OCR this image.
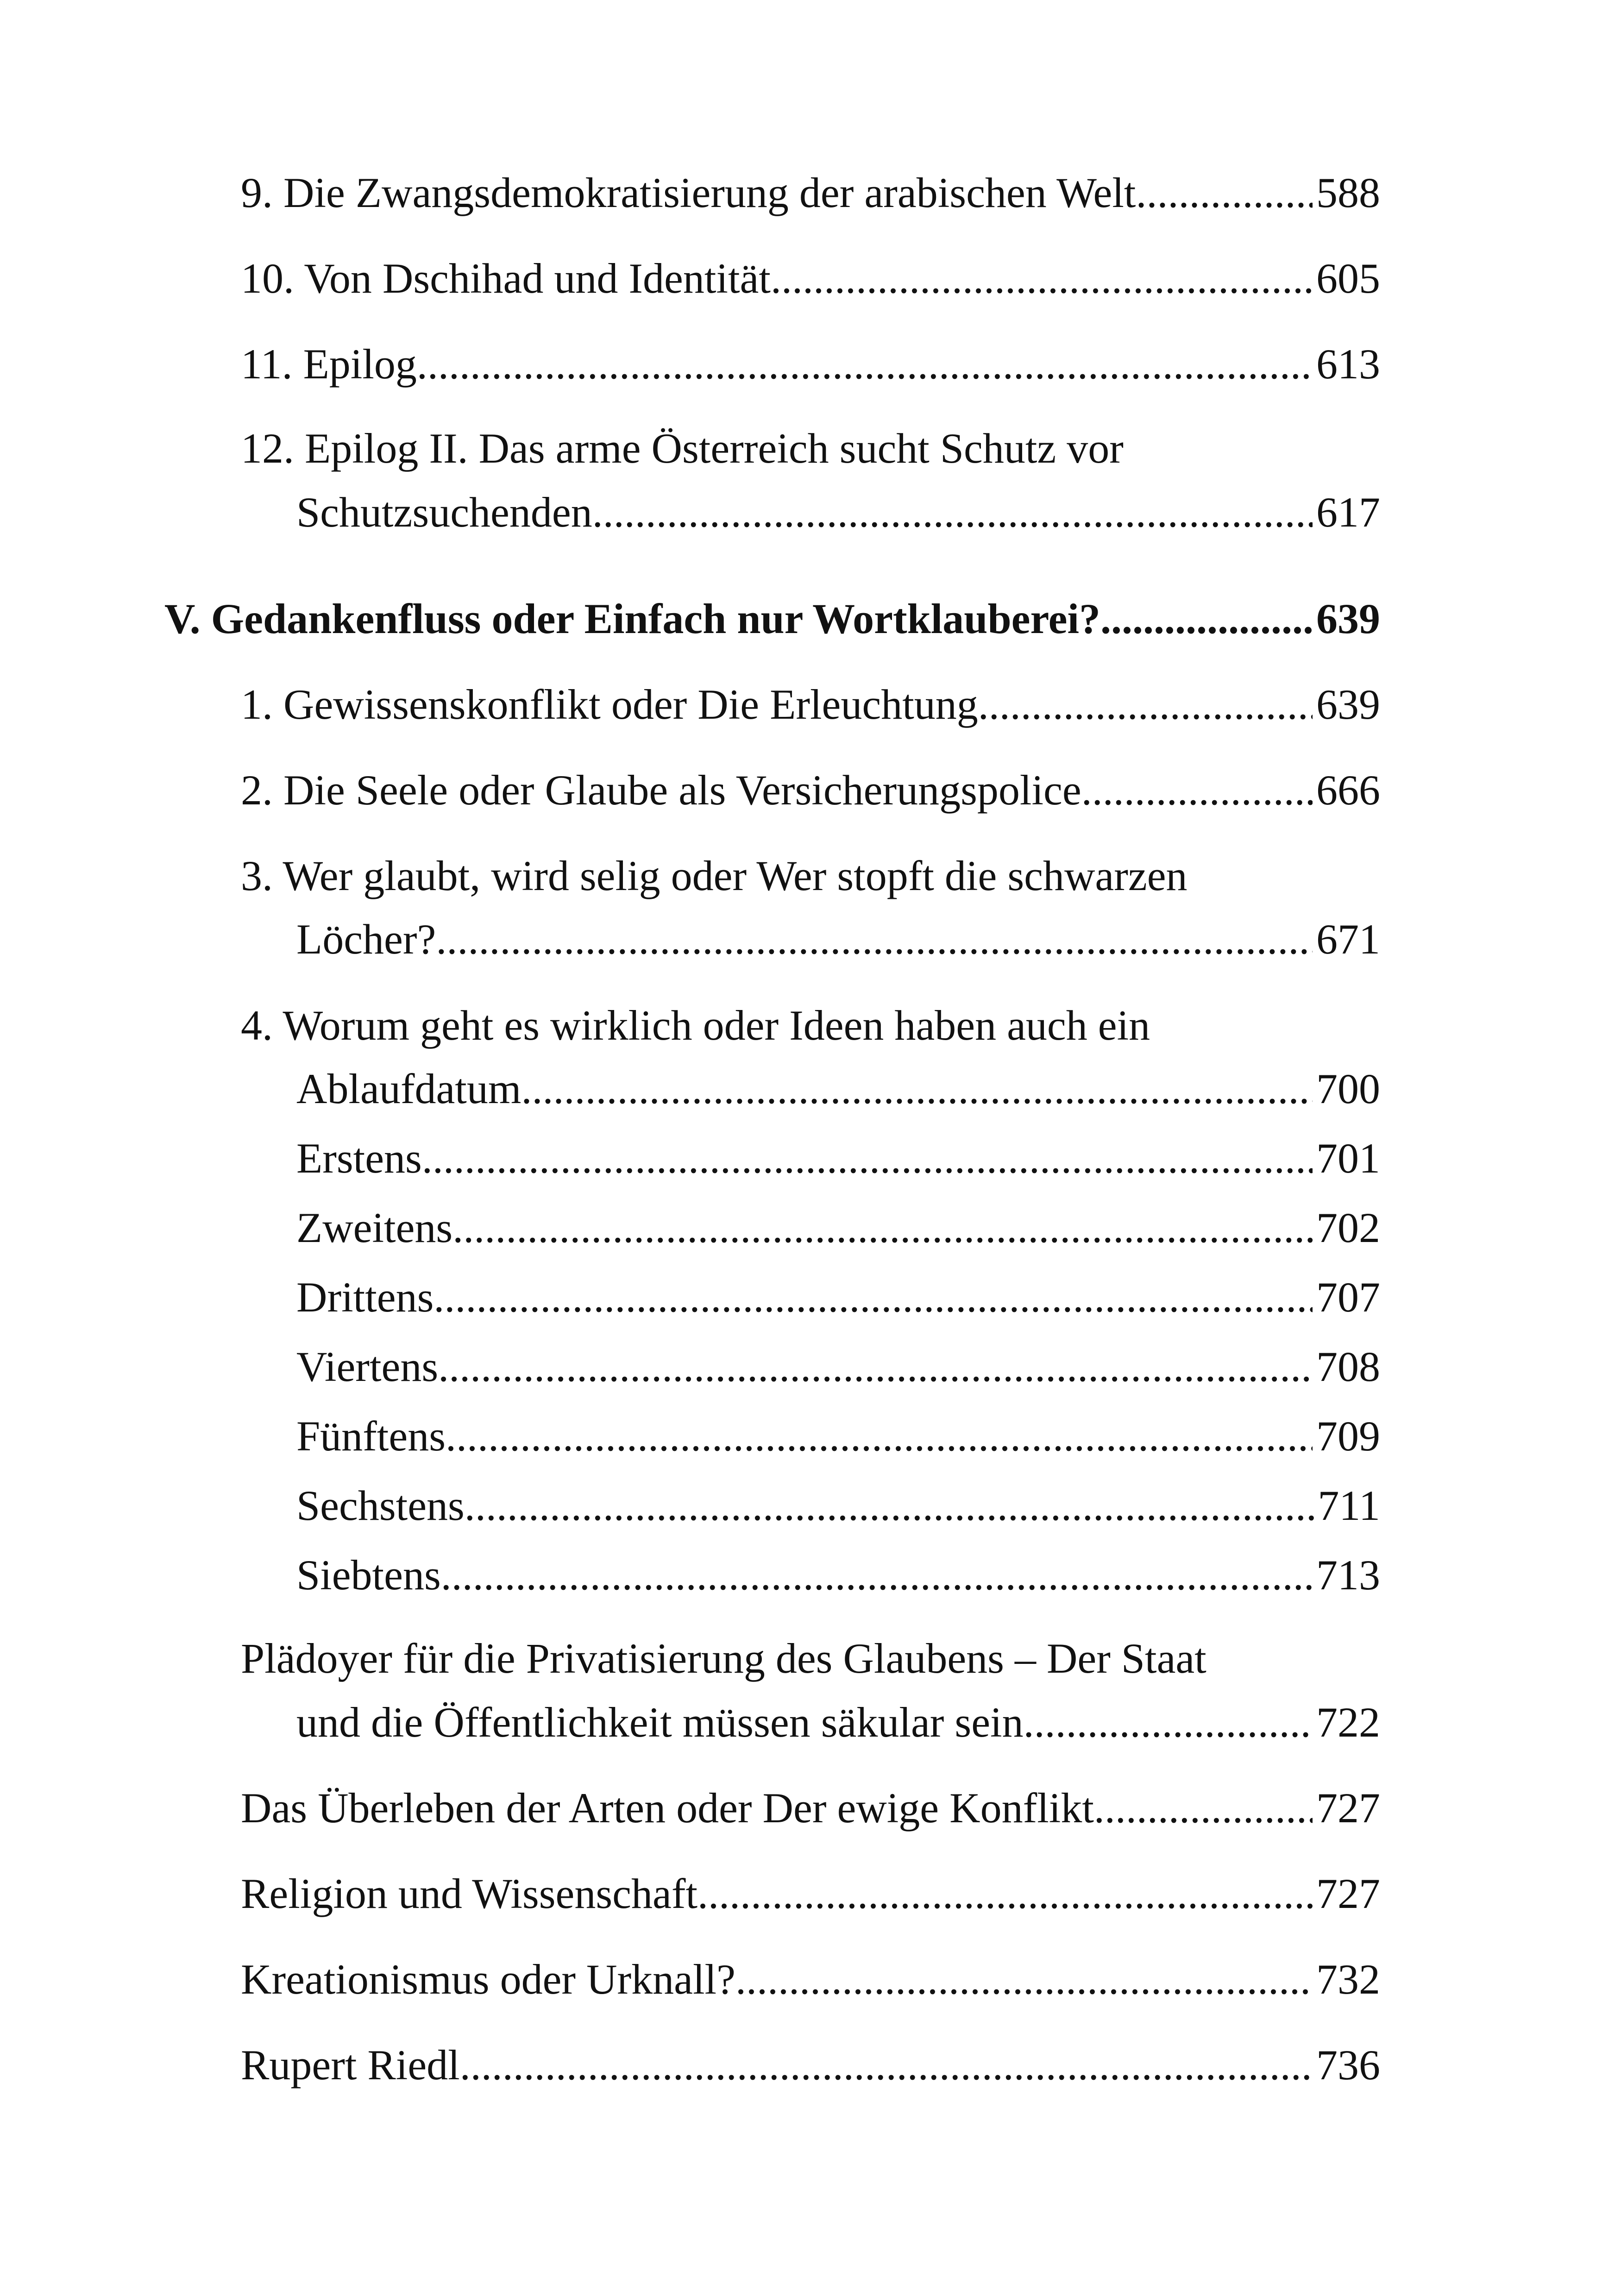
9. Die Zwangsdemokratisierung der arabischen Welt .....	588
10. Von Dschihad und Identität .....	605
11. Epilog .....	613
12. Epilog II. Das arme Österreich sucht Schutz vor
Schutzsuchenden .....	617
V. Gedankenfluss oder Einfach nur Wortklauberei? .....	639
1. Gewissenskonflikt oder Die Erleuchtung .....	639
2. Die Seele oder Glaube als Versicherungspolice .....	666
3. Wer glaubt, wird selig oder Wer stopft die schwarzen
Löcher? .....	671
4. Worum geht es wirklich oder Ideen haben auch ein
Ablaufdatum .....	700
Erstens .....	701
Zweitens .....	702
Drittens .....	707
Viertens .....	708
Fünftens .....	709
Sechstens .....	711
Siebtens .....	713
Plädoyer für die Privatisierung des Glaubens – Der Staat
und die Öffentlichkeit müssen säkular sein .....	722
Das Überleben der Arten oder Der ewige Konflikt .....	727
Religion und Wissenschaft .....	727
Kreationismus oder Urknall? .....	732
Rupert Riedl .....	736
